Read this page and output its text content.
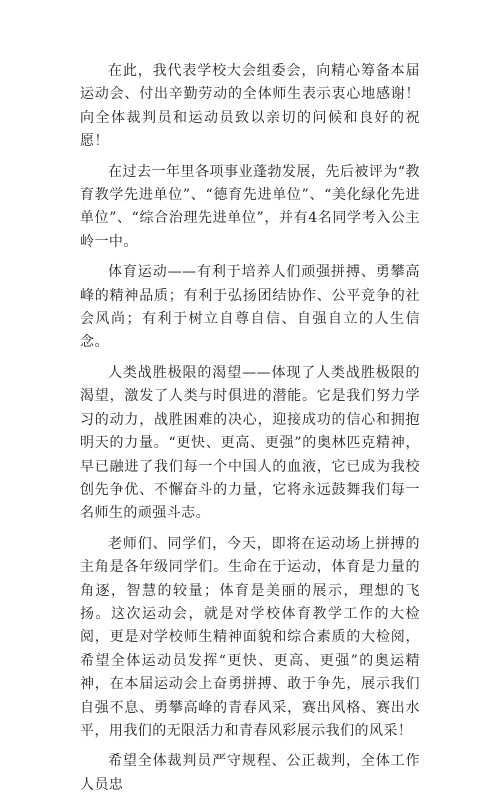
在此，我代表学校大会组委会，向精心筹备本届运动会、付出辛勤劳动的全体师生表示衷心地感谢！向全体裁判员和运动员致以亲切的问候和良好的祝愿！

在过去一年里各项事业蓬勃发展，先后被评为“教育教学先进单位”、“德育先进单位”、“美化绿化先进单位”、“综合治理先进单位”，并有4名同学考入公主岭一中。

体育运动——有利于培养人们顽强拼搏、勇攀高峰的精神品质；有利于弘扬团结协作、公平竞争的社会风尚；有利于树立自尊自信、自强自立的人生信念。

人类战胜极限的渴望——体现了人类战胜极限的渴望，激发了人类与时俱进的潜能。它是我们努力学习的动力，战胜困难的决心，迎接成功的信心和拥抱明天的力量。“更快、更高、更强”的奥林匹克精神，早已融进了我们每一个中国人的血液，它已成为我校创先争优、不懈奋斗的力量，它将永远鼓舞我们每一名师生的顽强斗志。

老师们、同学们，今天，即将在运动场上拼搏的主角是各年级同学们。生命在于运动，体育是力量的角逐，智慧的较量；体育是美丽的展示，理想的飞扬。这次运动会，就是对学校体育教学工作的大检阅，更是对学校师生精神面貌和综合素质的大检阅，希望全体运动员发挥“更快、更高、更强”的奥运精神，在本届运动会上奋勇拼搏、敢于争先，展示我们自强不息、勇攀高峰的青春风采，赛出风格、赛出水平，用我们的无限活力和青春风彩展示我们的风采！

希望全体裁判员严守规程、公正裁判，全体工作人员忠
